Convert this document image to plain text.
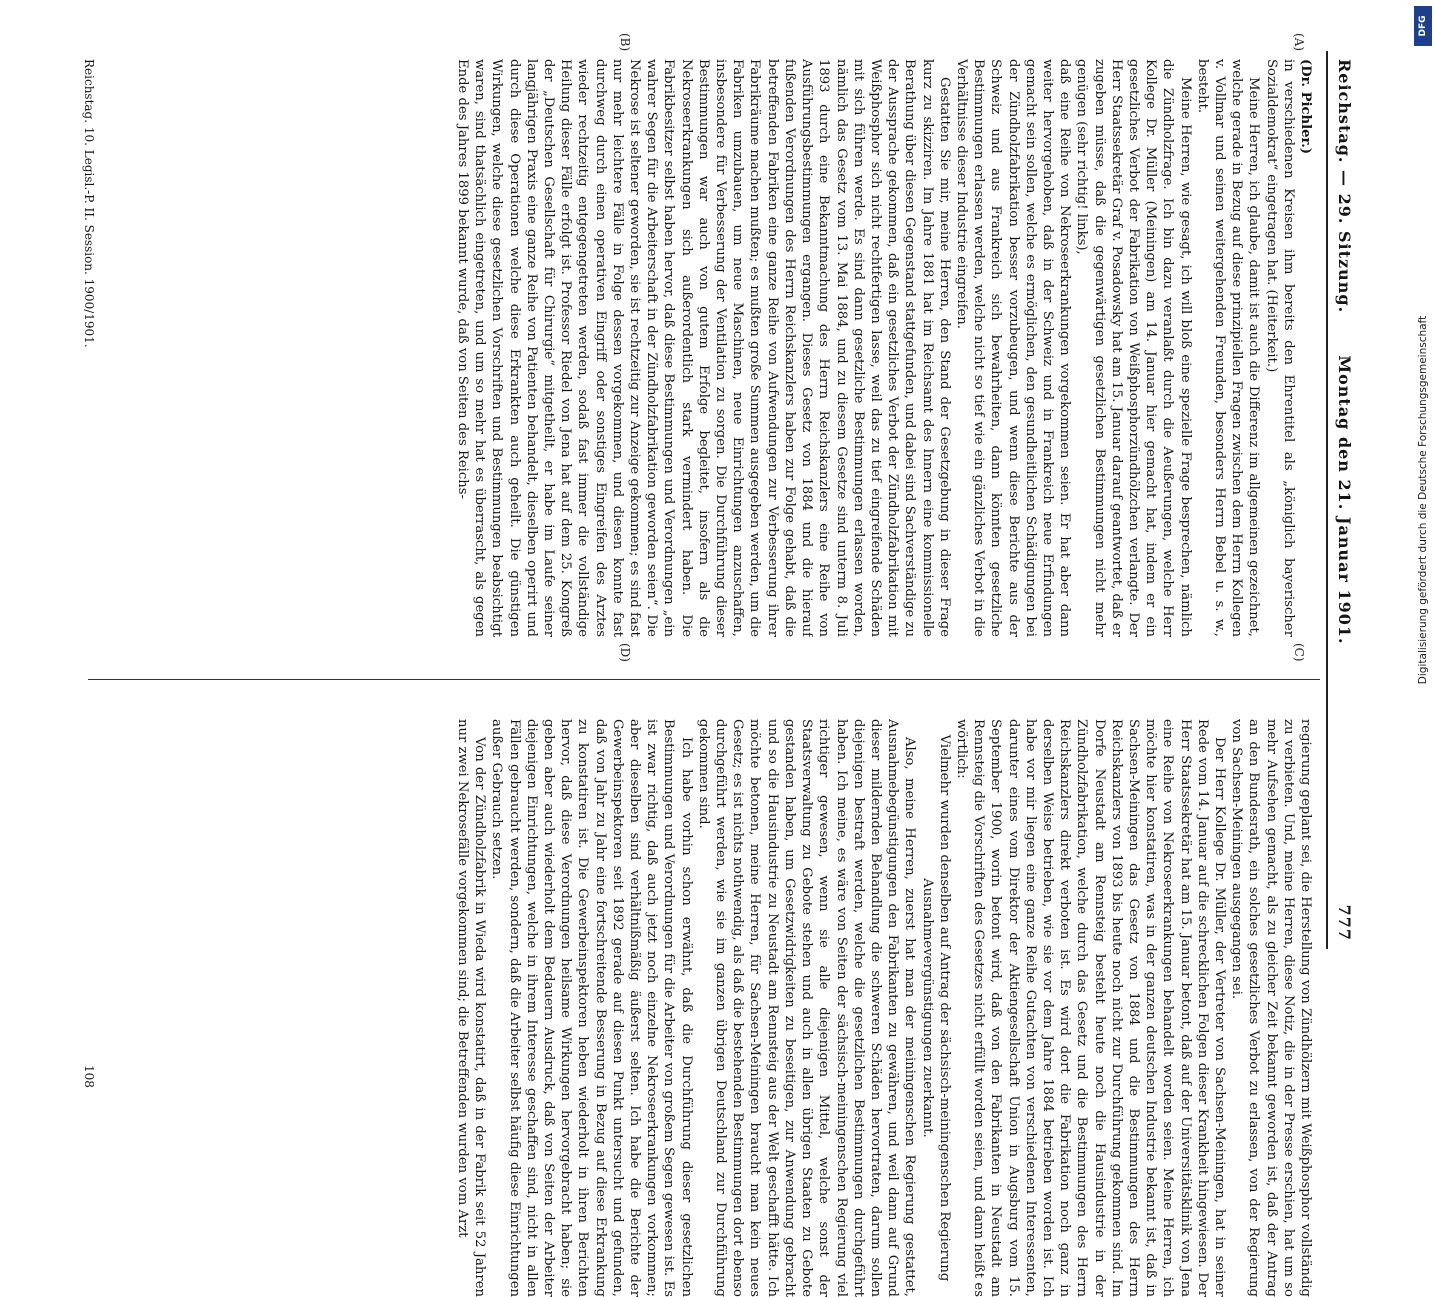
Reichstag. — 29. Sitzung.
Montag den 21. Januar 1901.
777
(A)
(B)
(C)
(D)

(Dr. Pichler.)

in verschiedenen Kreisen ihm bereits den Ehrentitel als „königlich bayerischer Sozialdemokrat“ eingetragen hat. (Heiterkeit.)

Meine Herren, ich glaube, damit ist auch die Differenz im allgemeinen gezeichnet, welche gerade in Bezug auf diese prinzipiellen Fragen zwischen dem Herrn Kollegen v. Vollmar und seinen weitergehenden Freunden, besonders Herrn Bebel u. s. w., besteht.

Meine Herren, wie gesagt, ich will bloß eine spezielle Frage besprechen, nämlich die Zündholzfrage. Ich bin dazu veranlaßt durch die Aeußerungen, welche Herr Kollege Dr. Müller (Meiningen) am 14. Januar hier gemacht hat, indem er ein gesetzliches Verbot der Fabrikation von Weißphosphorzündhölzchen verlangte. Der Herr Staatssekretär Graf v. Posadowsky hat am 15. Januar darauf geantwortet, daß er zugeben müsse, daß die gegenwärtigen gesetzlichen Bestimmungen nicht mehr genügen (sehr richtig! links),

daß eine Reihe von Nekroseerkrankungen vorgekommen seien. Er hat aber dann weiter hervorgehoben, daß in der Schweiz und in Frankreich neue Erfindungen gemacht sein sollen, welche es ermöglichen, den gesundheitlichen Schädigungen bei der Zündholzfabrikation besser vorzubeugen, und wenn diese Berichte aus der Schweiz und aus Frankreich sich bewahrheiten, dann könnten gesetzliche Bestimmungen erlassen werden, welche nicht so tief wie ein gänzliches Verbot in die Verhältnisse dieser Industrie eingreifen.

Gestatten Sie mir, meine Herren, den Stand der Gesetzgebung in dieser Frage kurz zu skizziren. Im Jahre 1881 hat im Reichsamt des Innern eine kommissionelle Berathung über diesen Gegenstand stattgefunden, und dabei sind Sachverständige zu der Aussprache gekommen, daß ein gesetzliches Verbot der Zündholzfabrikation mit Weißphosphor sich nicht rechtfertigen lasse, weil das zu tief eingreifende Schäden mit sich führen werde. Es sind dann gesetzliche Bestimmungen erlassen worden, nämlich das Gesetz vom 13. Mai 1884, und zu diesem Gesetze sind unterm 8. Juli 1893 durch eine Bekanntmachung des Herrn Reichskanzlers eine Reihe von Ausführungsbestimmungen ergangen. Dieses Gesetz von 1884 und die hierauf fußenden Verordnungen des Herrn Reichskanzlers haben zur Folge gehabt, daß die betreffenden Fabriken eine ganze Reihe von Aufwendungen zur Verbesserung ihrer Fabrikräume machen mußten; es mußten große Summen ausgegeben werden, um die Fabriken umzubauen, um neue Maschinen, neue Einrichtungen anzuschaffen, insbesondere für Verbesserung der Ventilation zu sorgen. Die Durchführung dieser Bestimmungen war auch von gutem Erfolge begleitet, insofern als die Nekroseerkrankungen sich außerordentlich stark vermindert haben. Die Fabrikbesitzer selbst haben hervor, daß diese Bestimmungen und Verordnungen „ein wahrer Segen für die Arbeiterschaft in der Zündholzfabrikation geworden seien“. Die Nekrose ist seltener geworden, sie ist rechtzeitig zur Anzeige gekommen; es sind fast nur mehr leichtere Fälle in Folge dessen vorgekommen, und diesen konnte fast durchweg durch einen operativen Eingriff oder sonstiges Eingreifen des Arztes wieder rechtzeitig entgegengetreten werden, sodaß fast immer die vollständige Heilung dieser Fälle erfolgt ist. Professor Riedel von Jena hat auf dem 25. Kongreß der „Deutschen Gesellschaft für Chirurgie“ mitgetheilt, er habe im Laufe seiner langjährigen Praxis eine ganze Reihe von Patienten behandelt, dieselben operirt und durch diese Operationen welche diese Erkrankten auch geheilt. Die günstigen Wirkungen, welche diese gesetzlichen Vorschriften und Bestimmungen beabsichtigt waren, sind thatsächlich eingetreten, und um so mehr hat es überrascht, als gegen Ende des Jahres 1899 bekannt wurde, daß von Seiten des Reichs-

regierung geplant sei, die Herstellung von Zündhölzern mit Weißphosphor vollständig zu verbieten. Und, meine Herren, diese Notiz, die in der Presse erschien, hat um so mehr Aufsehen gemacht, als zu gleicher Zeit bekannt geworden ist, daß der Antrag an den Bundesrath, ein solches gesetzliches Verbot zu erlassen, von der Regierung von Sachsen-Meiningen ausgegangen sei.

Der Herr Kollege Dr. Müller, der Vertreter von Sachsen-Meiningen, hat in seiner Rede vom 14. Januar auf die schrecklichen Folgen dieser Krankheit hingewiesen. Der Herr Staatssekretär hat am 15. Januar betont, daß auf der Universitätsklinik von Jena eine Reihe von Nekroseerkrankungen behandelt worden seien. Meine Herren, ich möchte hier konstatiren, was in der ganzen deutschen Industrie bekannt ist, daß in Sachsen-Meiningen das Gesetz von 1884 und die Bestimmungen des Herrn Reichskanzlers von 1893 bis heute noch nicht zur Durchführung gekommen sind. Im Dorfe Neustadt am Rennsteig besteht heute noch die Hausindustrie in der Zündholzfabrikation, welche durch das Gesetz und die Bestimmungen des Herrn Reichskanzlers direkt verboten ist. Es wird dort die Fabrikation noch ganz in derselben Weise betrieben, wie sie vor dem Jahre 1884 betrieben worden ist. Ich habe vor mir liegen eine ganze Reihe Gutachten von verschiedenen Interessenten, darunter eines vom Direktor der Aktiengesellschaft Union in Augsburg vom 15. September 1900, worin betont wird, daß von den Fabrikanten in Neustadt am Rennsteig die Vorschriften des Gesetzes nicht erfüllt worden seien, und dann heißt es wörtlich:

Vielmehr wurden denselben auf Antrag der sächsisch-meiningenschen Regierung Ausnahmevergünstigungen zuerkannt.

Also, meine Herren, zuerst hat man der meiningenschen Regierung gestattet, Ausnahmebegünstigungen den Fabrikanten zu gewähren, und weil dann auf Grund dieser mildernden Behandlung die schweren Schäden hervortraten, darum sollen diejenigen bestraft werden, welche die gesetzlichen Bestimmungen durchgeführt haben. Ich meine, es wäre von Seiten der sächsisch-meiningenschen Regierung viel richtiger gewesen, wenn sie alle diejenigen Mittel, welche sonst der Staatsverwaltung zu Gebote stehen und auch in allen übrigen Staaten zu Gebote gestanden haben, um Gesetzwidrigkeiten zu beseitigen, zur Anwendung gebracht und so die Hausindustrie zu Neustadt am Rennsteig aus der Welt geschafft hätte. Ich möchte betonen, meine Herren, für Sachsen-Meiningen braucht man kein neues Gesetz; es ist nichts nothwendig, als daß die bestehenden Bestimmungen dort ebenso durchgeführt werden, wie sie im ganzen übrigen Deutschland zur Durchführung gekommen sind.

Ich habe vorhin schon erwähnt, daß die Durchführung dieser gesetzlichen Bestimmungen und Verordnungen für die Arbeiter von großem Segen gewesen ist. Es ist zwar richtig, daß auch jetzt noch einzelne Nekroseerkrankungen vorkommen; aber dieselben sind verhältnißmäßig äußerst selten. Ich habe die Berichte der Gewerbeinspektoren seit 1892 gerade auf diesen Punkt untersucht und gefunden, daß von Jahr zu Jahr eine fortschreitende Besserung in Bezug auf diese Erkrankung zu konstatiren ist. Die Gewerbeinspektoren heben wiederholt in ihren Berichten hervor, daß diese Verordnungen heilsame Wirkungen hervorgebracht haben; sie geben aber auch wiederholt dem Bedauern Ausdruck, daß von Seiten der Arbeiter diejenigen Einrichtungen, welche in ihrem Interesse geschaffen sind, nicht in allen Fällen gebraucht werden, sondern, daß die Arbeiter selbst häufig diese Einrichtungen außer Gebrauch setzen.

Von der Zündholzfabrik in Wieda wird konstatirt, daß in der Fabrik seit 52 Jahren nur zwei Nekrosefälle vorgekommen sind; die Betreffenden wurden vom Arzt

Reichstag. 10. Legisl.-P. II. Session. 1900/1901.
108
DFG
Digitalisierung gefördert durch die Deutsche Forschungsgemeinschaft
